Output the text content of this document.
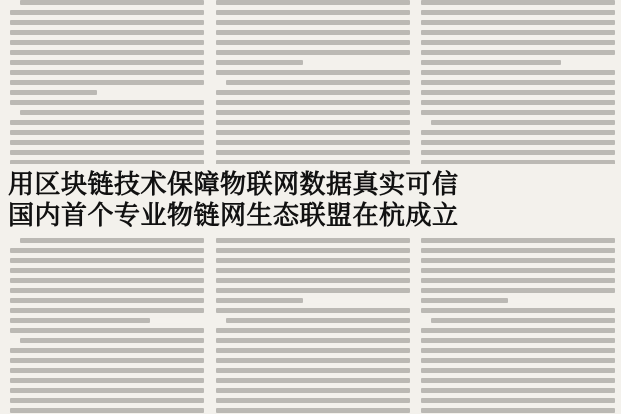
用区块链技术保障物联网数据真实可信
国内首个专业物链网生态联盟在杭成立
